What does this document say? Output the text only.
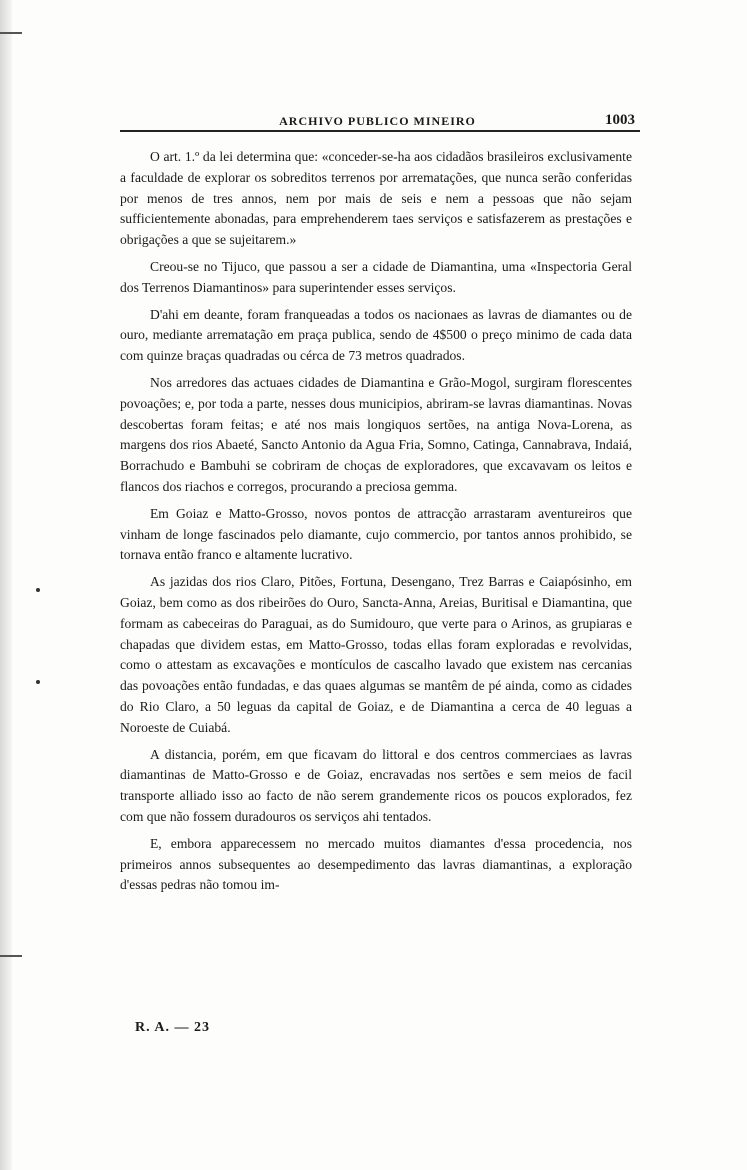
ARCHIVO PUBLICO MINEIRO	1003

O art. 1.º da lei determina que: «conceder-se-ha aos cidadãos brasileiros exclusivamente a faculdade de explorar os sobreditos terrenos por arrematações, que nunca serão conferidas por menos de tres annos, nem por mais de seis e nem a pessoas que não sejam sufficientemente abonadas, para emprehenderem taes serviços e satisfazerem as prestações e obrigações a que se sujeitarem.»

Creou-se no Tijuco, que passou a ser a cidade de Diamantina, uma «Inspectoria Geral dos Terrenos Diamantinos» para superintender esses serviços.

D'ahi em deante, foram franqueadas a todos os nacionaes as lavras de diamantes ou de ouro, mediante arrematação em praça publica, sendo de 4$500 o preço minimo de cada data com quinze braças quadradas ou cérca de 73 metros quadrados.

Nos arredores das actuaes cidades de Diamantina e Grão-Mogol, surgiram florescentes povoações; e, por toda a parte, nesses dous municipios, abriram-se lavras diamantinas. Novas descobertas foram feitas; e até nos mais longiquos sertões, na antiga Nova-Lorena, as margens dos rios Abaeté, Sancto Antonio da Agua Fria, Somno, Catinga, Cannabrava, Indaiá, Borrachudo e Bambuhi se cobriram de choças de exploradores, que excavavam os leitos e flancos dos riachos e corregos, procurando a preciosa gemma.

Em Goiaz e Matto-Grosso, novos pontos de attracção arrastaram aventureiros que vinham de longe fascinados pelo diamante, cujo commercio, por tantos annos prohibido, se tornava então franco e altamente lucrativo.

As jazidas dos rios Claro, Pitões, Fortuna, Desengano, Trez Barras e Caiapósinho, em Goiaz, bem como as dos ribeirões do Ouro, Sancta-Anna, Areias, Buritisal e Diamantina, que formam as cabeceiras do Paraguai, as do Sumidouro, que verte para o Arinos, as grupiaras e chapadas que dividem estas, em Matto-Grosso, todas ellas foram exploradas e revolvidas, como o attestam as excavações e montículos de cascalho lavado que existem nas cercanias das povoações então fundadas, e das quaes algumas se mantêm de pé ainda, como as cidades do Rio Claro, a 50 leguas da capital de Goiaz, e de Diamantina a cerca de 40 leguas a Noroeste de Cuiabá.

A distancia, porém, em que ficavam do littoral e dos centros commerciaes as lavras diamantinas de Matto-Grosso e de Goiaz, encravadas nos sertões e sem meios de facil transporte alliado isso ao facto de não serem grandemente ricos os poucos explorados, fez com que não fossem duradouros os serviços ahi tentados.

E, embora apparecessem no mercado muitos diamantes d'essa procedencia, nos primeiros annos subsequentes ao desempedimento das lavras diamantinas, a exploração d'essas pedras não tomou im-

R. A. — 23
